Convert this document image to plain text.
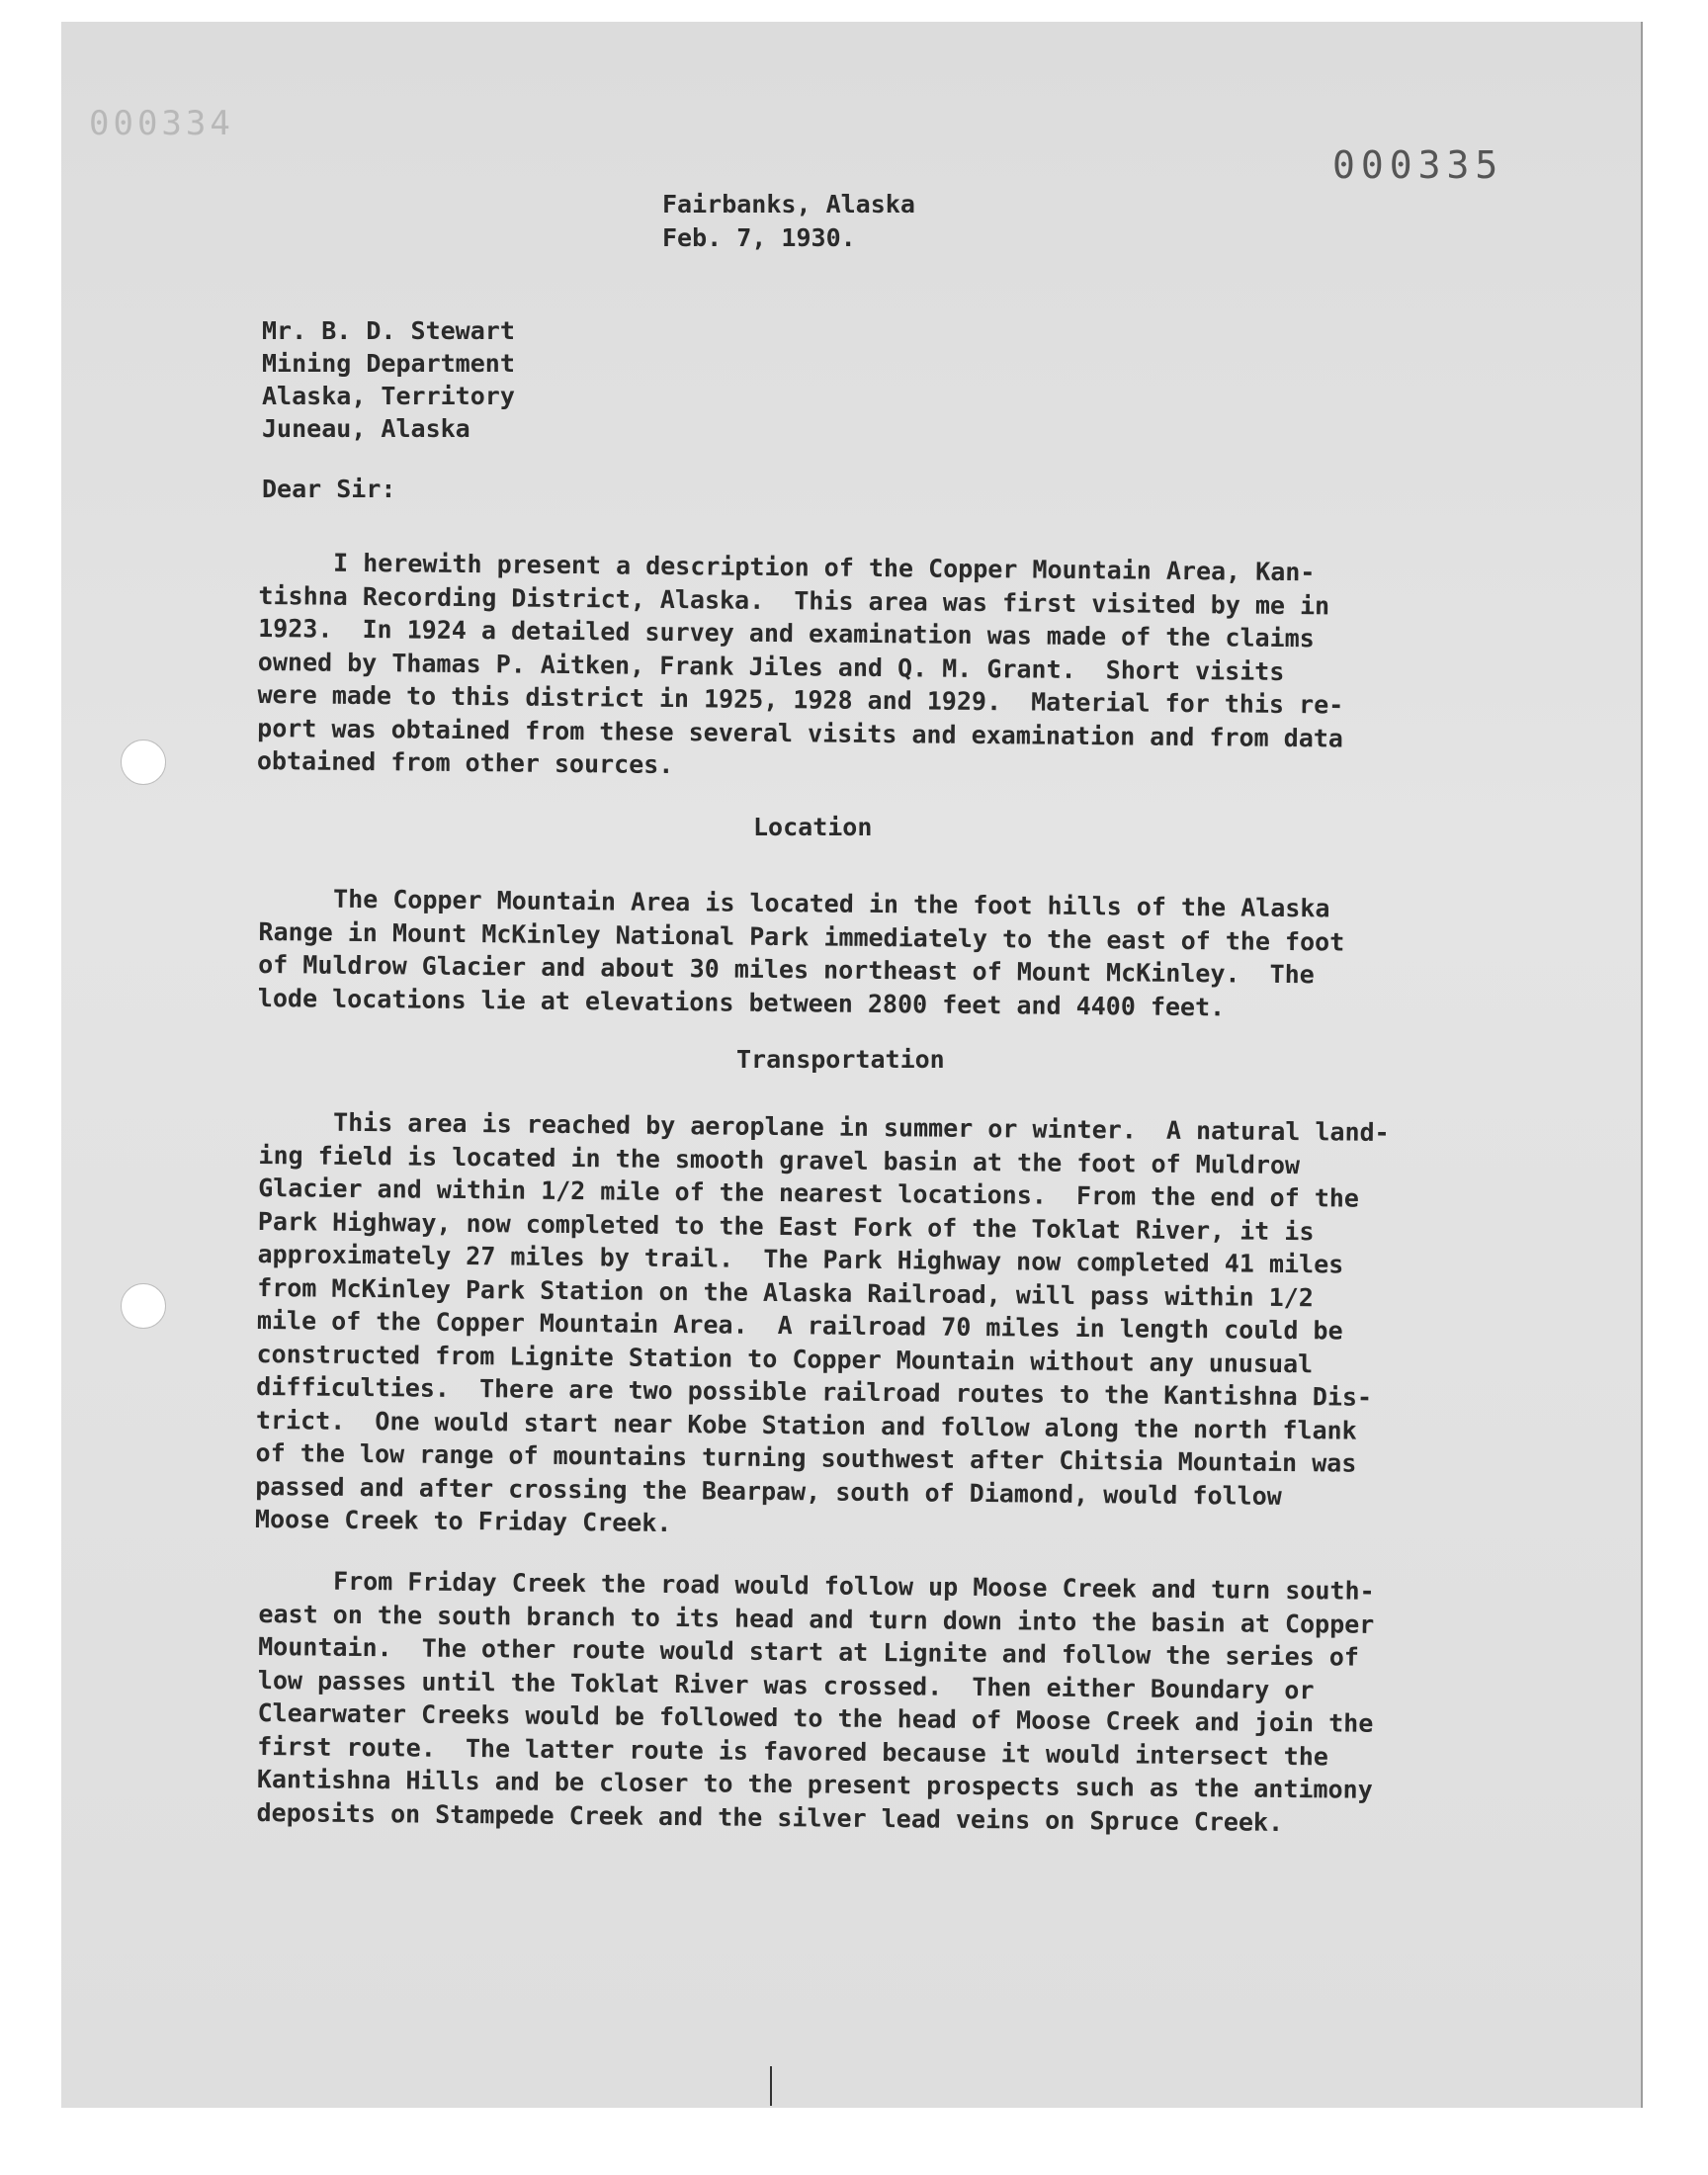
000334
000335
Fairbanks, Alaska
Feb. 7, 1930.
Mr. B. D. Stewart
Mining Department
Alaska, Territory
Juneau, Alaska
Dear Sir:
I herewith present a description of the Copper Mountain Area, Kan-
tishna Recording District, Alaska.  This area was first visited by me in
1923.  In 1924 a detailed survey and examination was made of the claims
owned by Thamas P. Aitken, Frank Jiles and Q. M. Grant.  Short visits
were made to this district in 1925, 1928 and 1929.  Material for this re-
port was obtained from these several visits and examination and from data
obtained from other sources.
Location
The Copper Mountain Area is located in the foot hills of the Alaska
Range in Mount McKinley National Park immediately to the east of the foot
of Muldrow Glacier and about 30 miles northeast of Mount McKinley.  The
lode locations lie at elevations between 2800 feet and 4400 feet.
Transportation
This area is reached by aeroplane in summer or winter.  A natural land-
ing field is located in the smooth gravel basin at the foot of Muldrow
Glacier and within 1/2 mile of the nearest locations.  From the end of the
Park Highway, now completed to the East Fork of the Toklat River, it is
approximately 27 miles by trail.  The Park Highway now completed 41 miles
from McKinley Park Station on the Alaska Railroad, will pass within 1/2
mile of the Copper Mountain Area.  A railroad 70 miles in length could be
constructed from Lignite Station to Copper Mountain without any unusual
difficulties.  There are two possible railroad routes to the Kantishna Dis-
trict.  One would start near Kobe Station and follow along the north flank
of the low range of mountains turning southwest after Chitsia Mountain was
passed and after crossing the Bearpaw, south of Diamond, would follow
Moose Creek to Friday Creek.
From Friday Creek the road would follow up Moose Creek and turn south-
east on the south branch to its head and turn down into the basin at Copper
Mountain.  The other route would start at Lignite and follow the series of
low passes until the Toklat River was crossed.  Then either Boundary or
Clearwater Creeks would be followed to the head of Moose Creek and join the
first route.  The latter route is favored because it would intersect the
Kantishna Hills and be closer to the present prospects such as the antimony
deposits on Stampede Creek and the silver lead veins on Spruce Creek.
